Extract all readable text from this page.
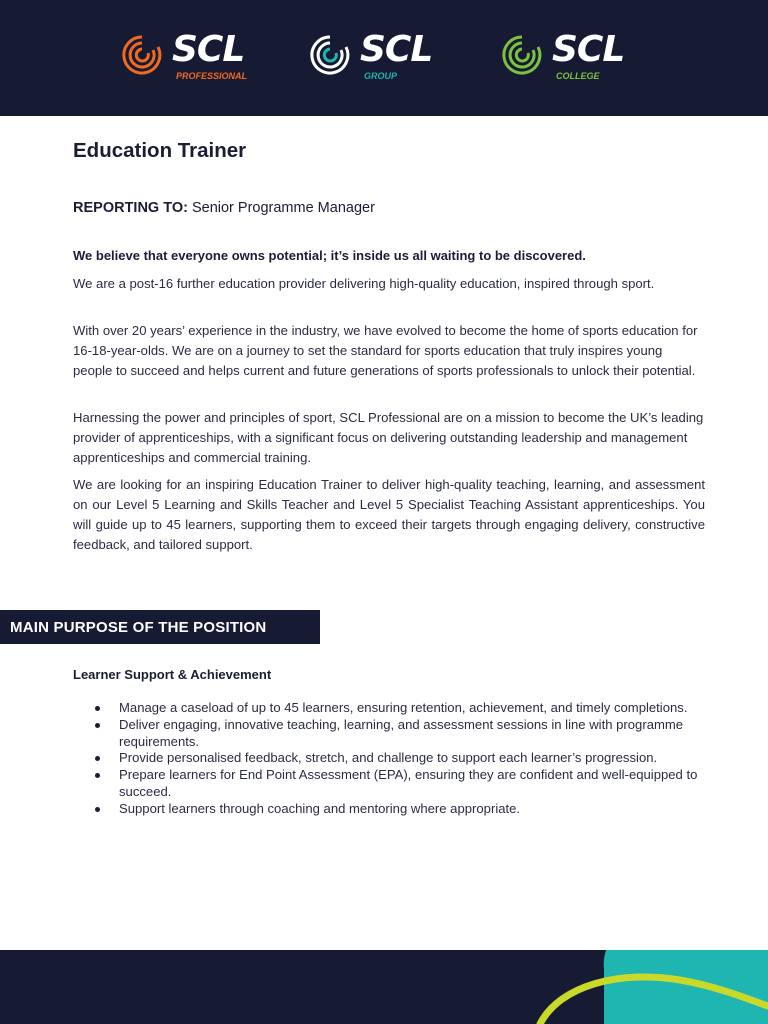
SCL
PROFESSIONAL
SCL
GROUP
SCL
COLLEGE
Education Trainer
REPORTING TO: Senior Programme Manager
We believe that everyone owns potential; it’s inside us all waiting to be discovered.

We are a post-16 further education provider delivering high-quality education, inspired through sport.

With over 20 years’ experience in the industry, we have evolved to become the home of sports education for 16-18-year-olds. We are on a journey to set the standard for sports education that truly inspires young people to succeed and helps current and future generations of sports professionals to unlock their potential.

Harnessing the power and principles of sport, SCL Professional are on a mission to become the UK’s leading provider of apprenticeships, with a significant focus on delivering outstanding leadership and management apprenticeships and commercial training.

We are looking for an inspiring Education Trainer to deliver high-quality teaching, learning, and assessment on our Level 5 Learning and Skills Teacher and Level 5 Specialist Teaching Assistant apprenticeships. You will guide up to 45 learners, supporting them to exceed their targets through engaging delivery, constructive feedback, and tailored support.

MAIN PURPOSE OF THE POSITION
Learner Support & Achievement
Manage a caseload of up to 45 learners, ensuring retention, achievement, and timely completions.
Deliver engaging, innovative teaching, learning, and assessment sessions in line with programme requirements.
Provide personalised feedback, stretch, and challenge to support each learner’s progression.
Prepare learners for End Point Assessment (EPA), ensuring they are confident and well-equipped to succeed.
Support learners through coaching and mentoring where appropriate.
